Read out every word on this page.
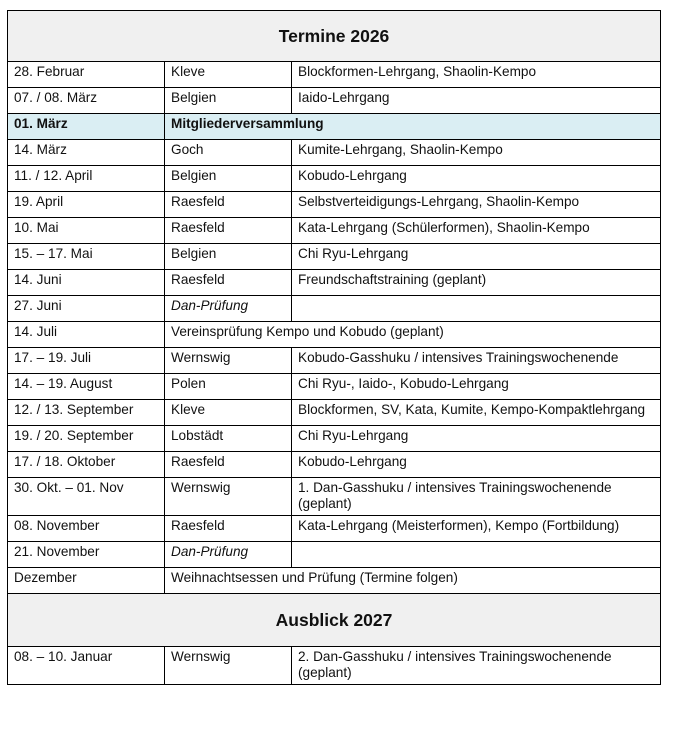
Termine 2026		
28. Februar	Kleve	Blockformen-Lehrgang, Shaolin-Kempo
07. / 08. März	Belgien	Iaido-Lehrgang
01. März	Mitgliederversammlung	
14. März	Goch	Kumite-Lehrgang, Shaolin-Kempo
11. / 12. April	Belgien	Kobudo-Lehrgang
19. April	Raesfeld	Selbstverteidigungs-Lehrgang, Shaolin-Kempo
10. Mai	Raesfeld	Kata-Lehrgang (Schülerformen), Shaolin-Kempo
15. – 17. Mai	Belgien	Chi Ryu-Lehrgang
14. Juni	Raesfeld	Freundschaftstraining (geplant)
27. Juni	Dan-Prüfung	
14. Juli	Vereinsprüfung Kempo und Kobudo (geplant)	
17. – 19. Juli	Wernswig	Kobudo-Gasshuku / intensives Trainingswochenende
14. – 19. August	Polen	Chi Ryu-, Iaido-, Kobudo-Lehrgang
12. / 13. September	Kleve	Blockformen, SV, Kata, Kumite, Kempo-Kompaktlehrgang
19. / 20. September	Lobstädt	Chi Ryu-Lehrgang
17. / 18. Oktober	Raesfeld	Kobudo-Lehrgang
30. Okt. – 01. Nov	Wernswig	1. Dan-Gasshuku / intensives Trainingswochenende (geplant)
08. November	Raesfeld	Kata-Lehrgang (Meisterformen), Kempo (Fortbildung)
21. November	Dan-Prüfung	
Dezember	Weihnachtsessen und Prüfung (Termine folgen)	
Ausblick 2027		
08. – 10. Januar	Wernswig	2. Dan-Gasshuku / intensives Trainingswochenende (geplant)
